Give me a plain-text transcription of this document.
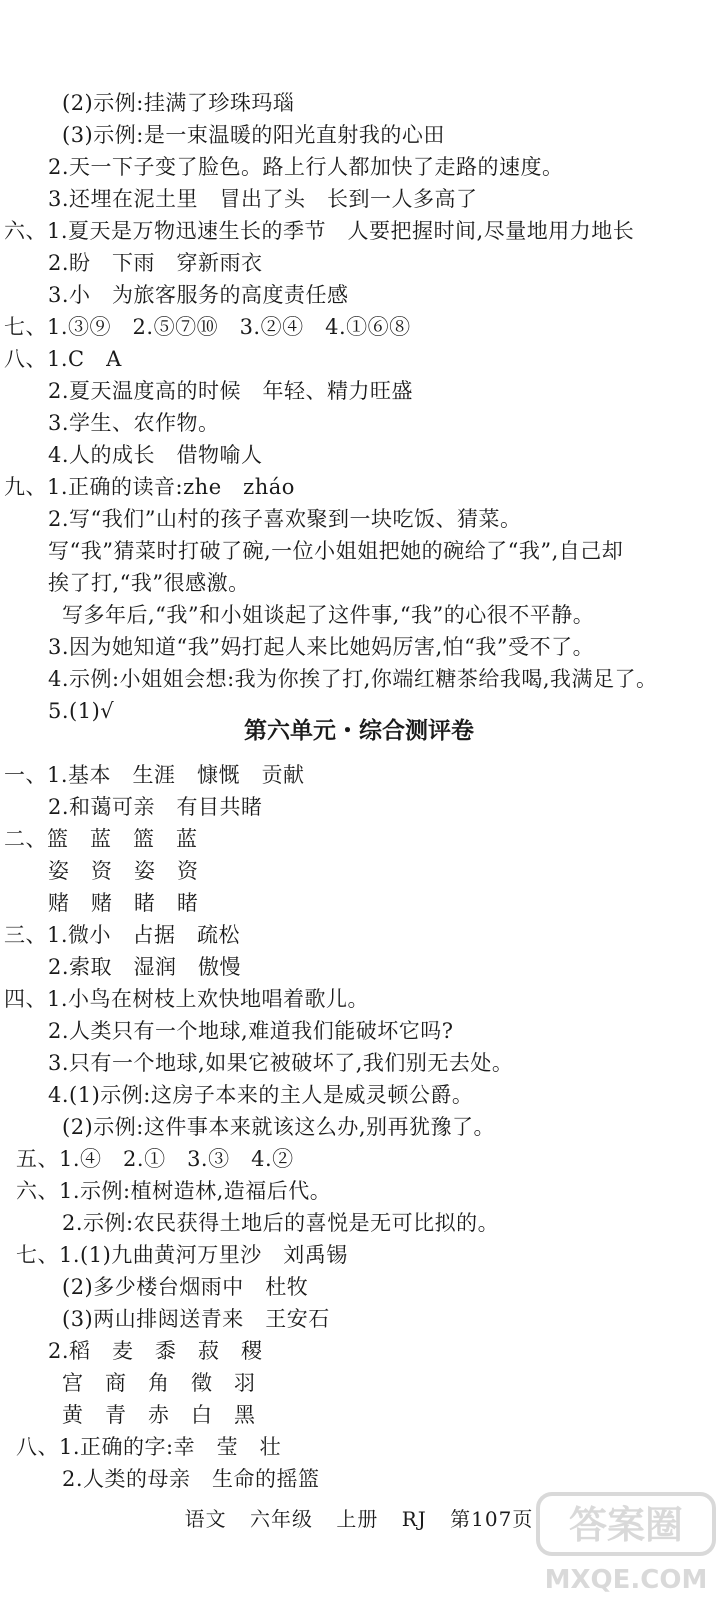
(2)示例:挂满了珍珠玛瑙
(3)示例:是一束温暖的阳光直射我的心田
2.天一下子变了脸色。路上行人都加快了走路的速度。
3.还埋在泥土里　冒出了头　长到一人多高了
六、1.夏天是万物迅速生长的季节　人要把握时间,尽量地用力地长
2.盼　下雨　穿新雨衣
3.小　为旅客服务的高度责任感
七、1.③⑨　2.⑤⑦⑩　3.②④　4.①⑥⑧
八、1.C　A
2.夏天温度高的时候　年轻、精力旺盛
3.学生、农作物。
4.人的成长　借物喻人
九、1.正确的读音:zhe　zháo
2.写“我们”山村的孩子喜欢聚到一块吃饭、猜菜。
写“我”猜菜时打破了碗,一位小姐姐把她的碗给了“我”,自己却
挨了打,“我”很感激。
写多年后,“我”和小姐谈起了这件事,“我”的心很不平静。
3.因为她知道“我”妈打起人来比她妈厉害,怕“我”受不了。
4.示例:小姐姐会想:我为你挨了打,你端红糖茶给我喝,我满足了。
5.(1)√
第六单元・综合测评卷
一、1.基本　生涯　慷慨　贡献
2.和蔼可亲　有目共睹
二、篮　蓝　篮　蓝
姿　资　姿　资
赌　赌　睹　睹
三、1.微小　占据　疏松
2.索取　湿润　傲慢
四、1.小鸟在树枝上欢快地唱着歌儿。
2.人类只有一个地球,难道我们能破坏它吗?
3.只有一个地球,如果它被破坏了,我们别无去处。
4.(1)示例:这房子本来的主人是威灵顿公爵。
(2)示例:这件事本来就该这么办,别再犹豫了。
五、1.④　2.①　3.③　4.②
六、1.示例:植树造林,造福后代。
2.示例:农民获得土地后的喜悦是无可比拟的。
七、1.(1)九曲黄河万里沙　刘禹锡
(2)多少楼台烟雨中　杜牧
(3)两山排闼送青来　王安石
2.稻　麦　黍　菽　稷
宫　商　角　徵　羽
黄　青　赤　白　黑
八、1.正确的字:幸　莹　壮
2.人类的母亲　生命的摇篮
语文 六年级 上册 RJ 第107页 答案圈
MXQE.COM
